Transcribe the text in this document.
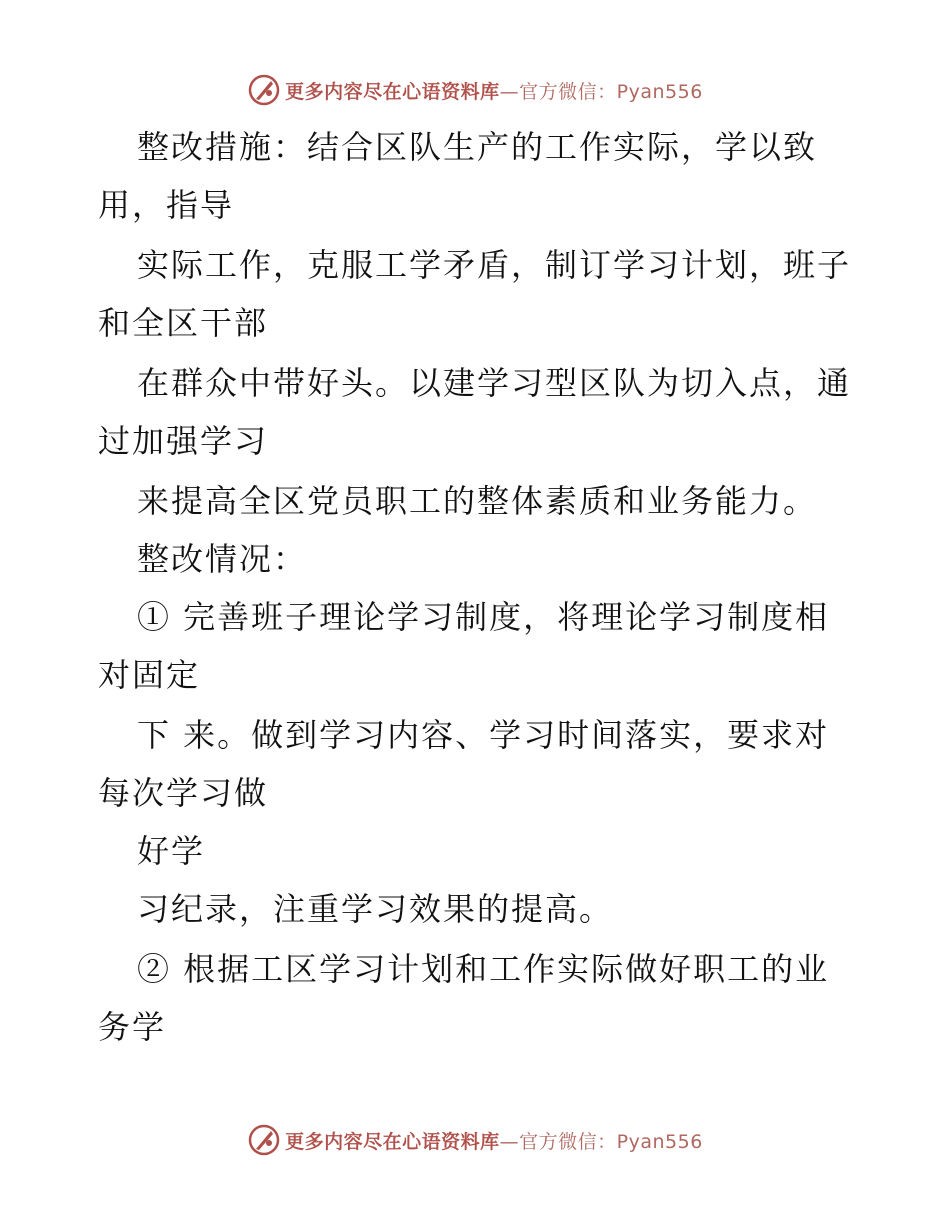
更多内容尽在心语资料库 —官方微信：Pyan556
整改措施：结合区队生产的工作实际，学以致
用，指导
实际工作，克服工学矛盾，制订学习计划，班子
和全区干部
在群众中带好头。以建学习型区队为切入点，通
过加强学习
来提高全区党员职工的整体素质和业务能力。
整改情况：
① 完善班子理论学习制度，将理论学习制度相
对固定
下 来。做到学习内容、学习时间落实，要求对
每次学习做
好学
习纪录，注重学习效果的提高。
② 根据工区学习计划和工作实际做好职工的业
务学
更多内容尽在心语资料库 —官方微信：Pyan556
